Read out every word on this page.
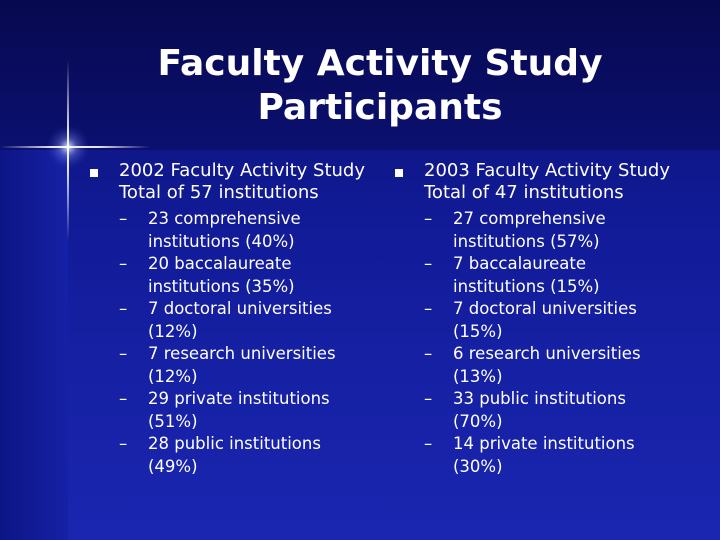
Faculty Activity Study
Participants
2002 Faculty Activity Study
Total of 57 institutions
– 23 comprehensive
institutions (40%)
– 20 baccalaureate
institutions (35%)
– 7 doctoral universities
(12%)
– 7 research universities
(12%)
– 29 private institutions
(51%)
– 28 public institutions
(49%)
2003 Faculty Activity Study
Total of 47 institutions
– 27 comprehensive
institutions (57%)
– 7 baccalaureate
institutions (15%)
– 7 doctoral universities
(15%)
– 6 research universities
(13%)
– 33 public institutions
(70%)
– 14 private institutions
(30%)
